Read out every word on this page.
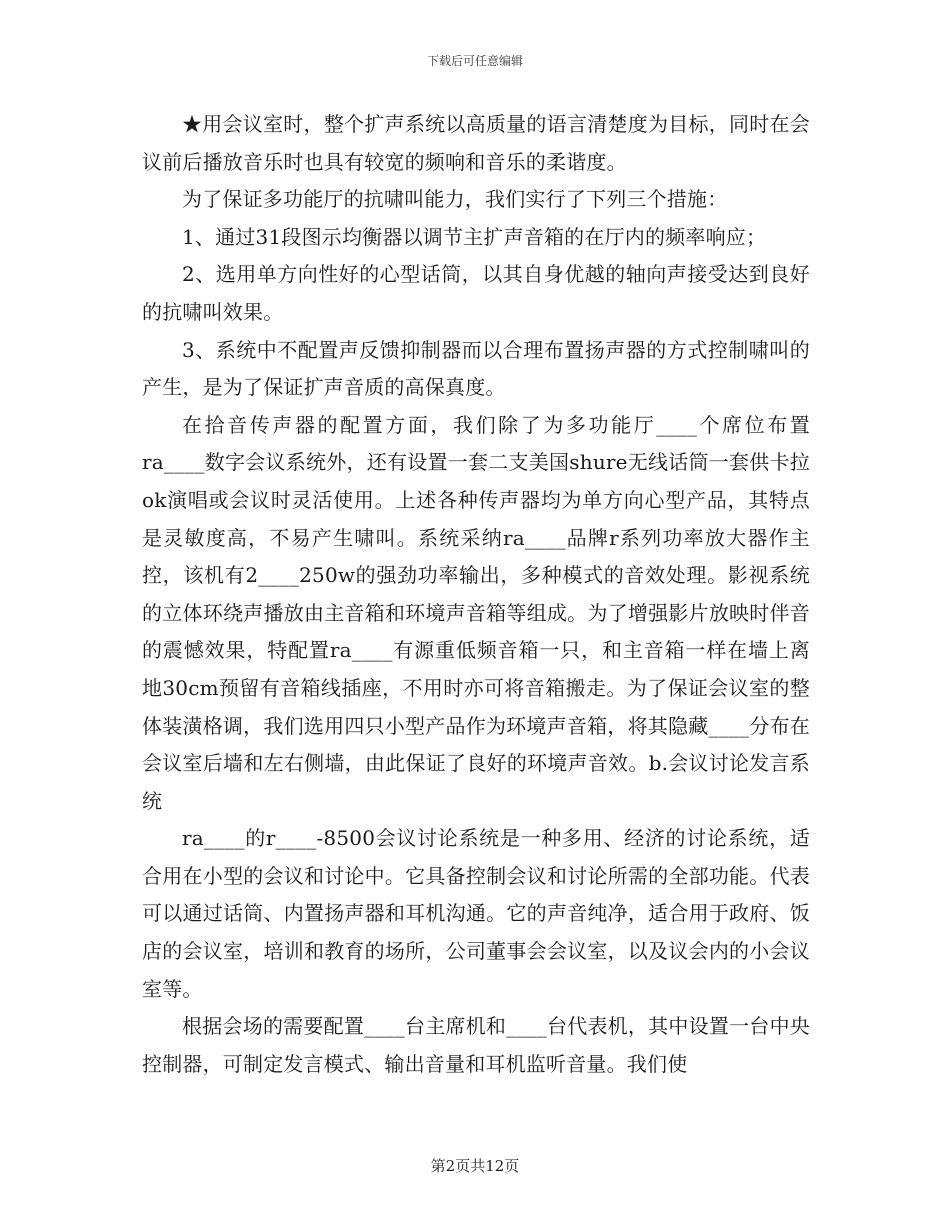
下载后可任意编辑

★用会议室时，整个扩声系统以高质量的语言清楚度为目标，同时在会议前后播放音乐时也具有较宽的频响和音乐的柔谐度。

为了保证多功能厅的抗啸叫能力，我们实行了下列三个措施：

1、通过31段图示均衡器以调节主扩声音箱的在厅内的频率响应；

2、选用单方向性好的心型话筒，以其自身优越的轴向声接受达到良好的抗啸叫效果。

3、系统中不配置声反馈抑制器而以合理布置扬声器的方式控制啸叫的产生，是为了保证扩声音质的高保真度。

在拾音传声器的配置方面，我们除了为多功能厅____个席位布置ra____数字会议系统外，还有设置一套二支美国shure无线话筒一套供卡拉ok演唱或会议时灵活使用。上述各种传声器均为单方向心型产品，其特点是灵敏度高，不易产生啸叫。系统采纳ra____品牌r系列功率放大器作主控，该机有2____250w的强劲功率输出，多种模式的音效处理。影视系统的立体环绕声播放由主音箱和环境声音箱等组成。为了增强影片放映时伴音的震憾效果，特配置ra____有源重低频音箱一只，和主音箱一样在墙上离地30cm预留有音箱线插座，不用时亦可将音箱搬走。为了保证会议室的整体装潢格调，我们选用四只小型产品作为环境声音箱，将其隐藏____分布在会议室后墙和左右侧墙，由此保证了良好的环境声音效。b.会议讨论发言系统

ra____的r____-8500会议讨论系统是一种多用、经济的讨论系统，适合用在小型的会议和讨论中。它具备控制会议和讨论所需的全部功能。代表可以通过话筒、内置扬声器和耳机沟通。它的声音纯净，适合用于政府、饭店的会议室，培训和教育的场所，公司董事会会议室，以及议会内的小会议室等。

根据会场的需要配置____台主席机和____台代表机，其中设置一台中央控制器，可制定发言模式、输出音量和耳机监听音量。我们使

第2页共12页
